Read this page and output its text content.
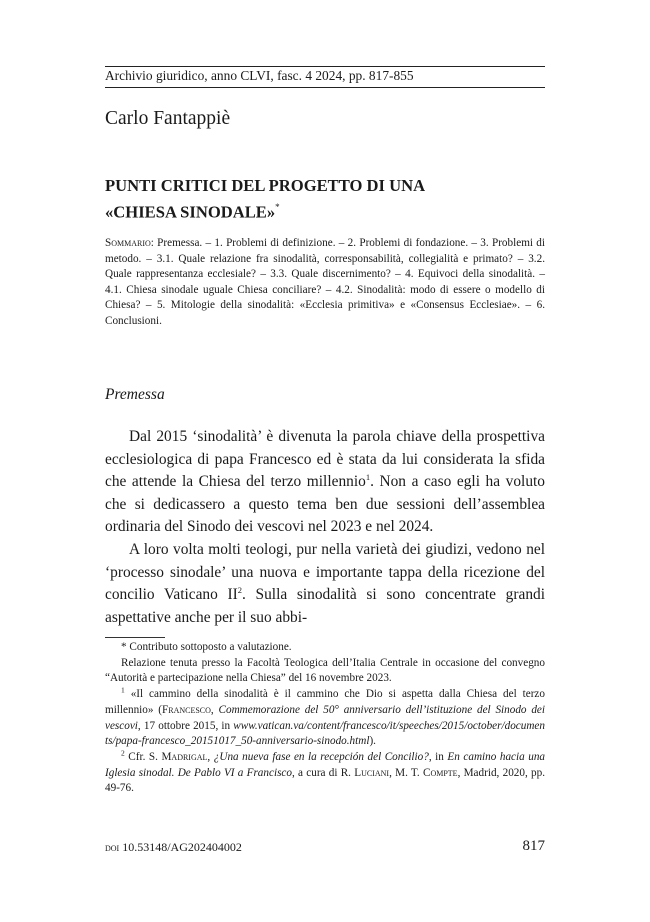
Archivio giuridico, anno CLVI, fasc. 4 2024, pp. 817-855
Carlo Fantappiè
PUNTI CRITICI DEL PROGETTO DI UNA
«CHIESA SINODALE»*
Sommario: Premessa. – 1. Problemi di definizione. – 2. Problemi di fondazione. – 3. Problemi di metodo. – 3.1. Quale relazione fra sinodalità, corresponsabilità, collegialità e primato? – 3.2. Quale rappresentanza ecclesiale? – 3.3. Quale discernimento? – 4. Equivoci della sinodalità. – 4.1. Chiesa sinodale uguale Chiesa conciliare? – 4.2. Sinodalità: modo di essere o modello di Chiesa? – 5. Mitologie della sinodalità: «Ecclesia primitiva» e «Consensus Ecclesiae». – 6. Conclusioni.
Premessa

Dal 2015 ‘sinodalità’ è divenuta la parola chiave della prospettiva ecclesiologica di papa Francesco ed è stata da lui considerata la sfida che attende la Chiesa del terzo millennio$^1$. Non a caso egli ha voluto che si dedicassero a questo tema ben due sessioni dell’assemblea ordinaria del Sinodo dei vescovi nel 2023 e nel 2024.

A loro volta molti teologi, pur nella varietà dei giudizi, vedono nel ‘processo sinodale’ una nuova e importante tappa della ricezione del concilio Vaticano $II^2$. Sulla sinodalità si sono concentrate grandi aspettative anche per il suo abbi-

* Contributo sottoposto a valutazione.

Relazione tenuta presso la Facoltà Teologica dell’Italia Centrale in occasione del convegno “Autorità e partecipazione nella Chiesa” del 16 novembre 2023.

$^1$ «Il cammino della sinodalità è il cammino che Dio si aspetta dalla Chiesa del terzo millennio» (Francesco, Commemorazione del 50° anniversario dell’istituzione del Sinodo dei vescovi, 17 ottobre 2015, in www.vatican.va/content/francesco/it/speeches/2015/october/documents/papa-francesco_20151017_50-anniversario-sinodo.html).

$^2$ Cfr. S. Madrigal, ¿Una nueva fase en la recepción del Concilio?, in En camino hacia una Iglesia sinodal. De Pablo VI a Francisco, a cura di R. Luciani, M. T. Compte, Madrid, 2020, pp. 49-76.

doi 10.53148/AG202404002	817
